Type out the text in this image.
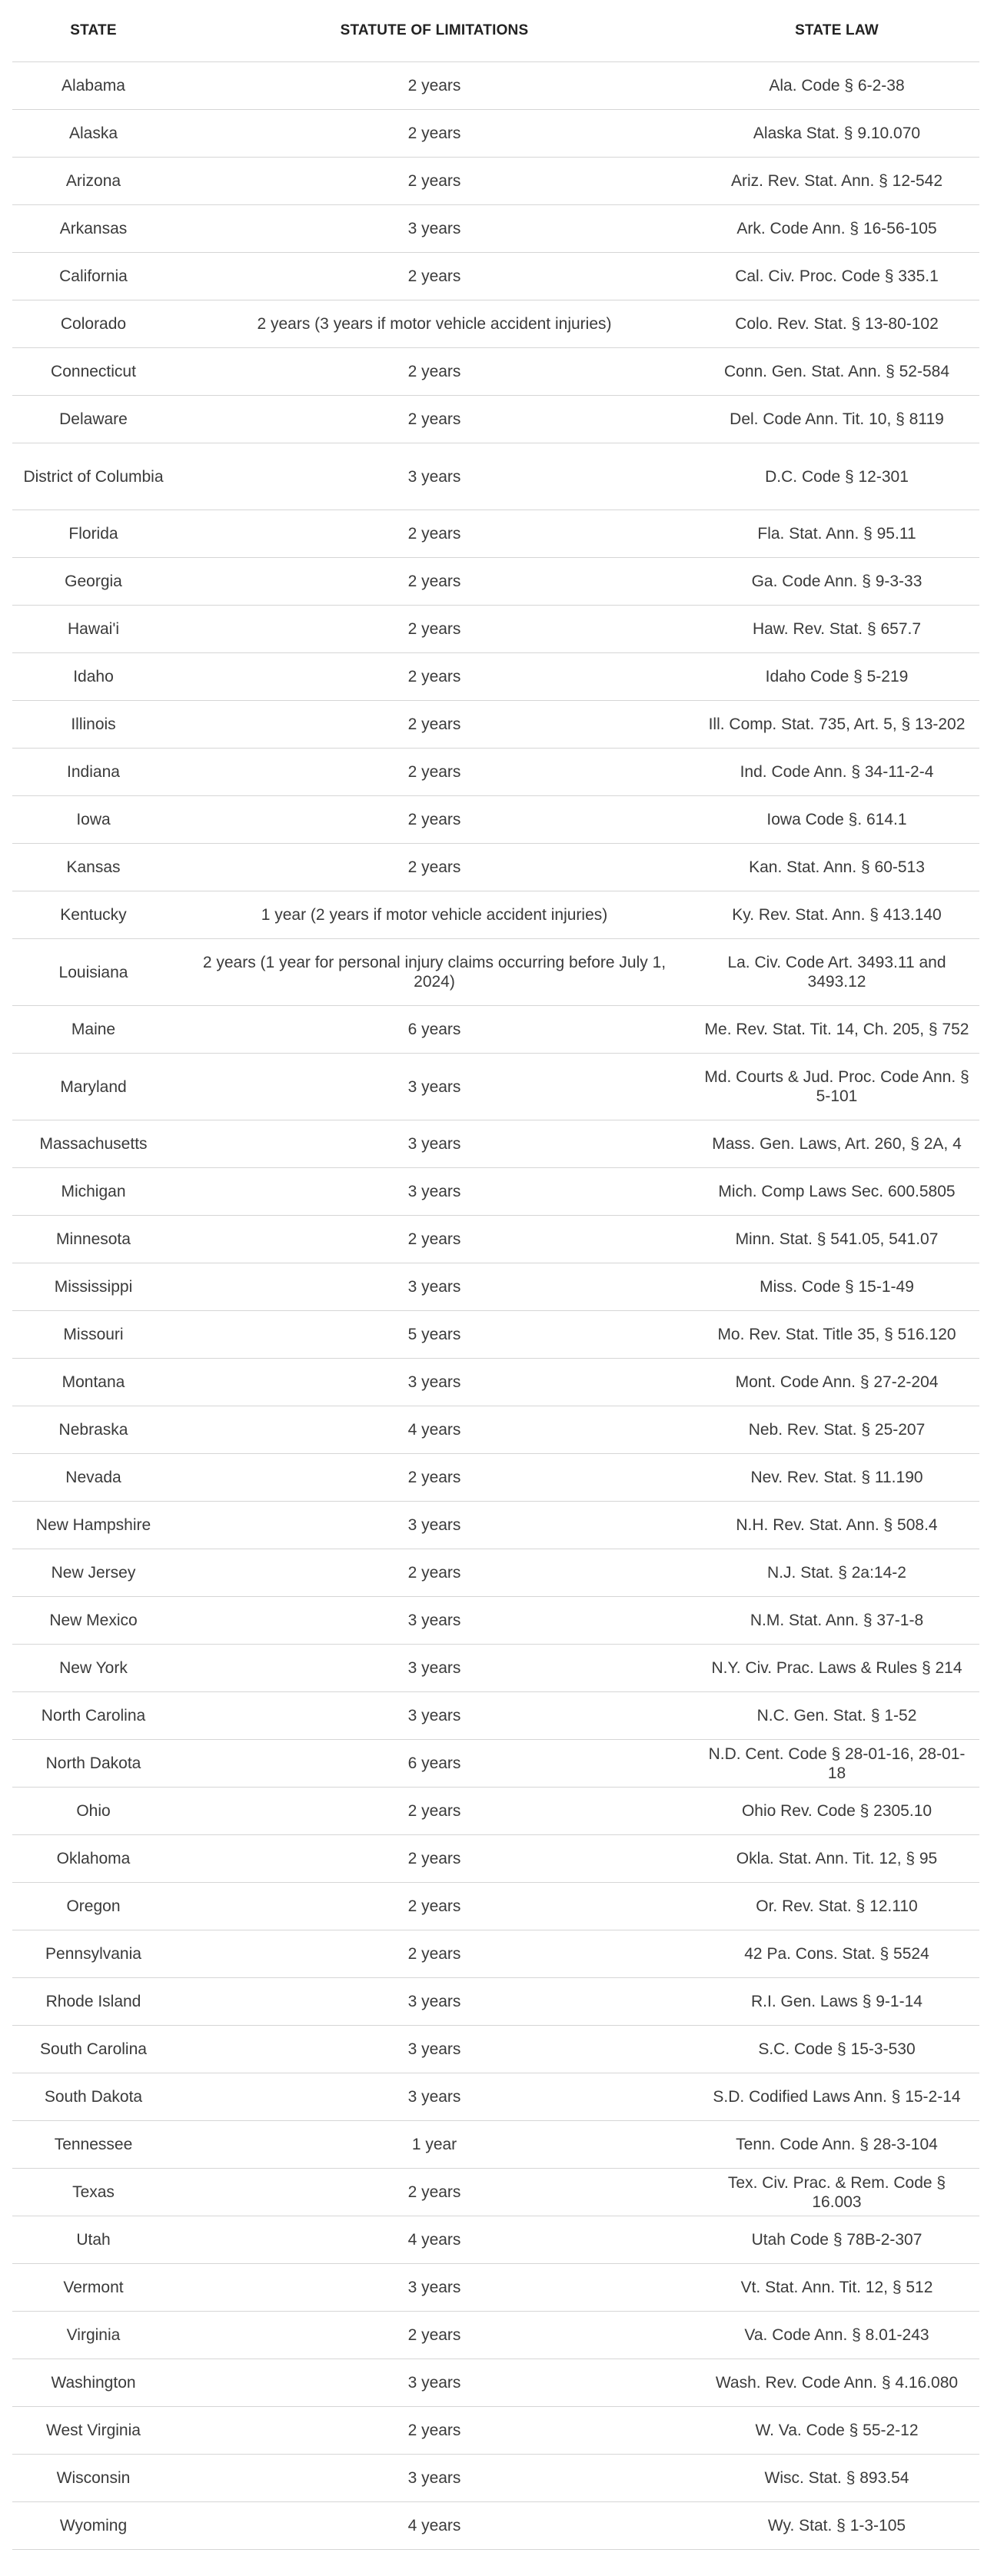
STATE	STATUTE OF LIMITATIONS	STATE LAW
Alabama	2 years	Ala. Code § 6-2-38
Alaska	2 years	Alaska Stat. § 9.10.070
Arizona	2 years	Ariz. Rev. Stat. Ann. § 12-542
Arkansas	3 years	Ark. Code Ann. § 16-56-105
California	2 years	Cal. Civ. Proc. Code § 335.1
Colorado	2 years (3 years if motor vehicle accident injuries)	Colo. Rev. Stat. § 13-80-102
Connecticut	2 years	Conn. Gen. Stat. Ann. § 52-584
Delaware	2 years	Del. Code Ann. Tit. 10, § 8119
District of Columbia	3 years	D.C. Code § 12-301
Florida	2 years	Fla. Stat. Ann. § 95.11
Georgia	2 years	Ga. Code Ann. § 9-3-33
Hawai'i	2 years	Haw. Rev. Stat. § 657.7
Idaho	2 years	Idaho Code § 5-219
Illinois	2 years	Ill. Comp. Stat. 735, Art. 5, § 13-202
Indiana	2 years	Ind. Code Ann. § 34-11-2-4
Iowa	2 years	Iowa Code §. 614.1
Kansas	2 years	Kan. Stat. Ann. § 60-513
Kentucky	1 year (2 years if motor vehicle accident injuries)	Ky. Rev. Stat. Ann. § 413.140
Louisiana	2 years (1 year for personal injury claims occurring before July 1, 2024)	La. Civ. Code Art. 3493.11 and 3493.12
Maine	6 years	Me. Rev. Stat. Tit. 14, Ch. 205, § 752
Maryland	3 years	Md. Courts & Jud. Proc. Code Ann. § 5-101
Massachusetts	3 years	Mass. Gen. Laws, Art. 260, § 2A, 4
Michigan	3 years	Mich. Comp Laws Sec. 600.5805
Minnesota	2 years	Minn. Stat. § 541.05, 541.07
Mississippi	3 years	Miss. Code § 15-1-49
Missouri	5 years	Mo. Rev. Stat. Title 35, § 516.120
Montana	3 years	Mont. Code Ann. § 27-2-204
Nebraska	4 years	Neb. Rev. Stat. § 25-207
Nevada	2 years	Nev. Rev. Stat. § 11.190
New Hampshire	3 years	N.H. Rev. Stat. Ann. § 508.4
New Jersey	2 years	N.J. Stat. § 2a:14-2
New Mexico	3 years	N.M. Stat. Ann. § 37-1-8
New York	3 years	N.Y. Civ. Prac. Laws & Rules § 214
North Carolina	3 years	N.C. Gen. Stat. § 1-52
North Dakota	6 years	N.D. Cent. Code § 28-01-16, 28-01-18
Ohio	2 years	Ohio Rev. Code § 2305.10
Oklahoma	2 years	Okla. Stat. Ann. Tit. 12, § 95
Oregon	2 years	Or. Rev. Stat. § 12.110
Pennsylvania	2 years	42 Pa. Cons. Stat. § 5524
Rhode Island	3 years	R.I. Gen. Laws § 9-1-14
South Carolina	3 years	S.C. Code § 15-3-530
South Dakota	3 years	S.D. Codified Laws Ann. § 15-2-14
Tennessee	1 year	Tenn. Code Ann. § 28-3-104
Texas	2 years	Tex. Civ. Prac. & Rem. Code § 16.003
Utah	4 years	Utah Code § 78B-2-307
Vermont	3 years	Vt. Stat. Ann. Tit. 12, § 512
Virginia	2 years	Va. Code Ann. § 8.01-243
Washington	3 years	Wash. Rev. Code Ann. § 4.16.080
West Virginia	2 years	W. Va. Code § 55-2-12
Wisconsin	3 years	Wisc. Stat. § 893.54
Wyoming	4 years	Wy. Stat. § 1-3-105
